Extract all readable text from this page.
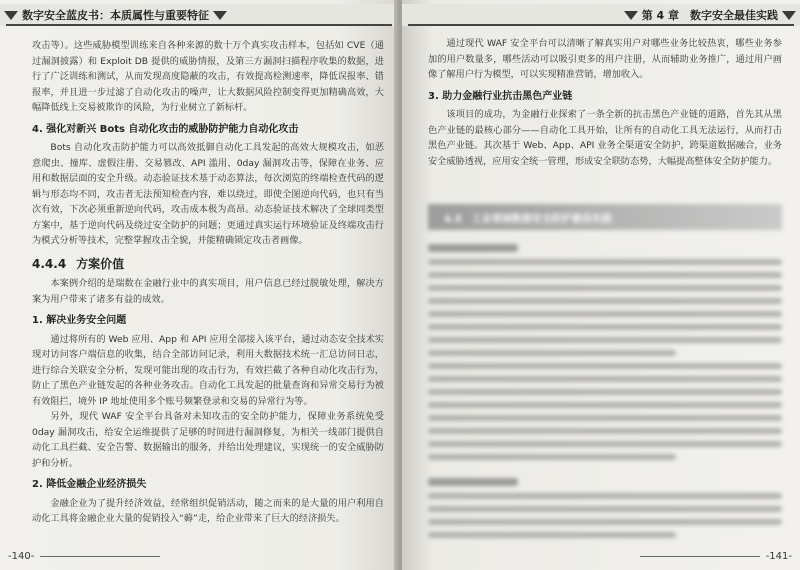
数字安全蓝皮书：本质属性与重要特征

攻击等）。这些威胁模型训练来自各种来源的数十万个真实攻击样本，包括如 CVE（通过漏洞披露）和 Exploit DB 提供的威胁情报，及第三方漏洞扫描程序收集的数据，进行了广泛训练和测试，从而发现高度隐蔽的攻击，有效提高检测速率，降低误报率、错报率，并且进一步过滤了自动化攻击的噪声，让大数据风险控制变得更加精确高效，大幅降低线上交易被欺诈的风险，为行业树立了新标杆。

4. 强化对新兴 Bots 自动化攻击的威胁防护能力自动化攻击

Bots 自动化攻击防护能力可以高效抵御自动化工具发起的高效大规模攻击，如恶意爬虫、撞库、虚假注册、交易篡改、API 滥用、0day 漏洞攻击等，保障在业务、应用和数据层面的安全升级。动态验证技术基于动态算法，每次浏览的终端检查代码的逻辑与形态均不同，攻击者无法预知检查内容，难以绕过，即使全图逆向代码，也只有当次有效，下次必须重新逆向代码，攻击成本极为高昂。动态验证技术解决了全球同类型方案中，基于逆向代码及绕过安全防护的问题；更通过真实运行环境验证及终端攻击行为模式分析等技术，完整掌握攻击全貌，并能精确锁定攻击者画像。

4.4.4 方案价值

本案例介绍的是瑞数在金融行业中的真实项目，用户信息已经过脱敏处理，解决方案为用户带来了诸多有益的成效。

1. 解决业务安全问题

通过将所有的 Web 应用、App 和 API 应用全部接入该平台，通过动态安全技术实现对访问客户端信息的收集，结合全部访问记录，利用大数据技术统一汇总访问日志，进行综合关联安全分析，发现可能出现的攻击行为，有效拦截了各种自动化攻击行为，防止了黑色产业链发起的各种业务攻击。自动化工具发起的批量查询和异常交易行为被有效阻拦，境外 IP 地址使用多个账号频繁登录和交易的异常行为等。

另外，现代 WAF 安全平台具备对未知攻击的安全防护能力，保障业务系统免受 0day 漏洞攻击，给安全运维提供了足够的时间进行漏洞修复，为相关一线部门提供自动化工具拦截、安全告警、数据输出的服务，并给出处理建议，实现统一的安全威胁防护和分析。

2. 降低金融企业经济损失

金融企业为了提升经济效益，经常组织促销活动，随之而来的是大量的用户利用自动化工具将金融企业大量的促销投入“薅”走，给企业带来了巨大的经济损失。

- 140 -
第 4 章　数字安全最佳实践

通过现代 WAF 安全平台可以清晰了解真实用户对哪些业务比较热衷，哪些业务参加的用户数量多，哪些活动可以吸引更多的用户注册，从而辅助业务推广，通过用户画像了解用户行为模型，可以实现精准营销，增加收入。

3. 助力金融行业抗击黑色产业链

该项目的成功，为金融行业探索了一条全新的抗击黑色产业链的道路，首先其从黑色产业链的最核心部分——自动化工具开始，让所有的自动化工具无法运行，从而打击黑色产业链。其次基于 Web、App、API 业务全渠道安全防护，跨渠道数据融合，业务安全威胁透视，应用安全统一管理，形成安全联防态势，大幅提高整体安全防护能力。

4.5　工业领域数据安全防护最佳实践
- 141 -
